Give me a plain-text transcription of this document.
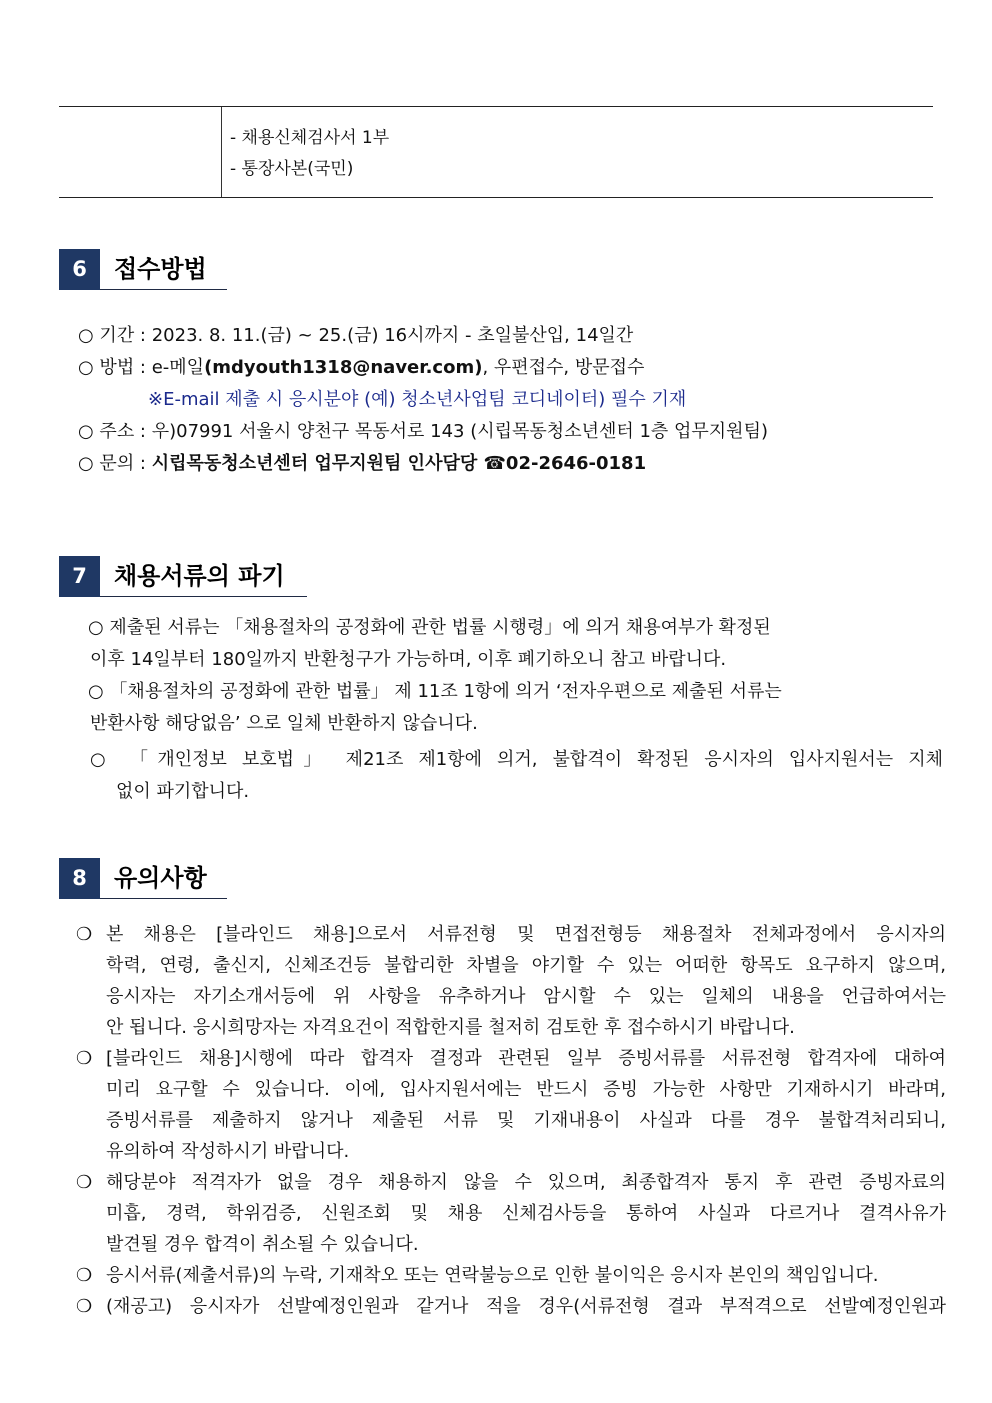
- 채용신체검사서 1부
- 통장사본(국민)
6	접수방법
○ 기간 : 2023. 8. 11.(금) ~ 25.(금) 16시까지 - 초일불산입, 14일간
○ 방법 : e-메일(mdyouth1318@naver.com), 우편접수, 방문접수
※E-mail 제출 시 응시분야 (예) 청소년사업팀 코디네이터) 필수 기재
○ 주소 : 우)07991 서울시 양천구 목동서로 143 (시립목동청소년센터 1층 업무지원팀)
○ 문의 : 시립목동청소년센터 업무지원팀 인사담당 ☎02-2646-0181
7	채용서류의 파기
○ 제출된 서류는 「채용절차의 공정화에 관한 법률 시행령」에 의거 채용여부가 확정된
이후 14일부터 180일까지 반환청구가 가능하며, 이후 폐기하오니 참고 바랍니다.
○ 「채용절차의 공정화에 관한 법률」 제 11조 1항에 의거 ‘전자우편으로 제출된 서류는
반환사항 해당없음’ 으로 일체 반환하지 않습니다.
○ 「개인정보 보호법」 제21조 제1항에 의거, 불합격이 확정된 응시자의 입사지원서는 지체
없이 파기합니다.
8	유의사항
❍ 본 채용은 [블라인드 채용]으로서 서류전형 및 면접전형등 채용절차 전체과정에서 응시자의
학력, 연령, 출신지, 신체조건등 불합리한 차별을 야기할 수 있는 어떠한 항목도 요구하지 않으며,
응시자는 자기소개서등에 위 사항을 유추하거나 암시할 수 있는 일체의 내용을 언급하여서는
안 됩니다. 응시희망자는 자격요건이 적합한지를 철저히 검토한 후 접수하시기 바랍니다.
❍ [블라인드 채용]시행에 따라 합격자 결정과 관련된 일부 증빙서류를 서류전형 합격자에 대하여
미리 요구할 수 있습니다. 이에, 입사지원서에는 반드시 증빙 가능한 사항만 기재하시기 바라며,
증빙서류를 제출하지 않거나 제출된 서류 및 기재내용이 사실과 다를 경우 불합격처리되니,
유의하여 작성하시기 바랍니다.
❍ 해당분야 적격자가 없을 경우 채용하지 않을 수 있으며, 최종합격자 통지 후 관련 증빙자료의
미흡, 경력, 학위검증, 신원조회 및 채용 신체검사등을 통하여 사실과 다르거나 결격사유가
발견될 경우 합격이 취소될 수 있습니다.
❍ 응시서류(제출서류)의 누락, 기재착오 또는 연락불능으로 인한 불이익은 응시자 본인의 책임입니다.
❍ (재공고) 응시자가 선발예정인원과 같거나 적을 경우(서류전형 결과 부적격으로 선발예정인원과
